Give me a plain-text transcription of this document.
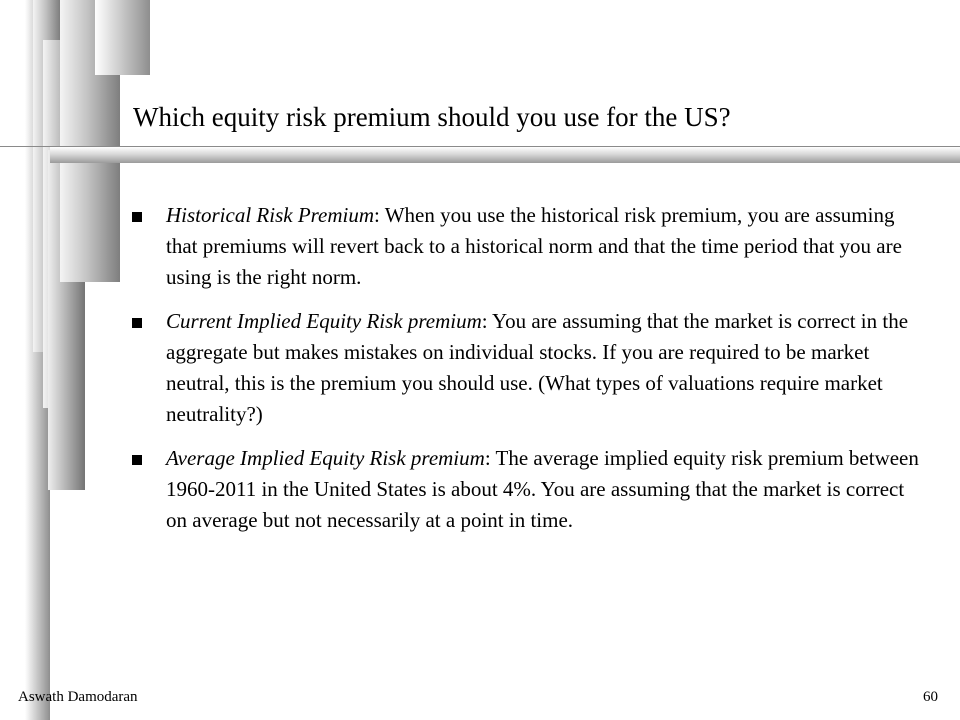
Which equity risk premium should you use for the US?
Historical Risk Premium: When you use the historical risk premium, you are assuming that premiums will revert back to a historical norm and that the time period that you are using is the right norm.
Current Implied Equity Risk premium: You are assuming that the market is correct in the aggregate but makes mistakes on individual stocks. If you are required to be market neutral, this is the premium you should use. (What types of valuations require market neutrality?)
Average Implied Equity Risk premium: The average implied equity risk premium between 1960-2011 in the United States is about 4%. You are assuming that the market is correct on average but not necessarily at a point in time.
Aswath Damodaran	60
